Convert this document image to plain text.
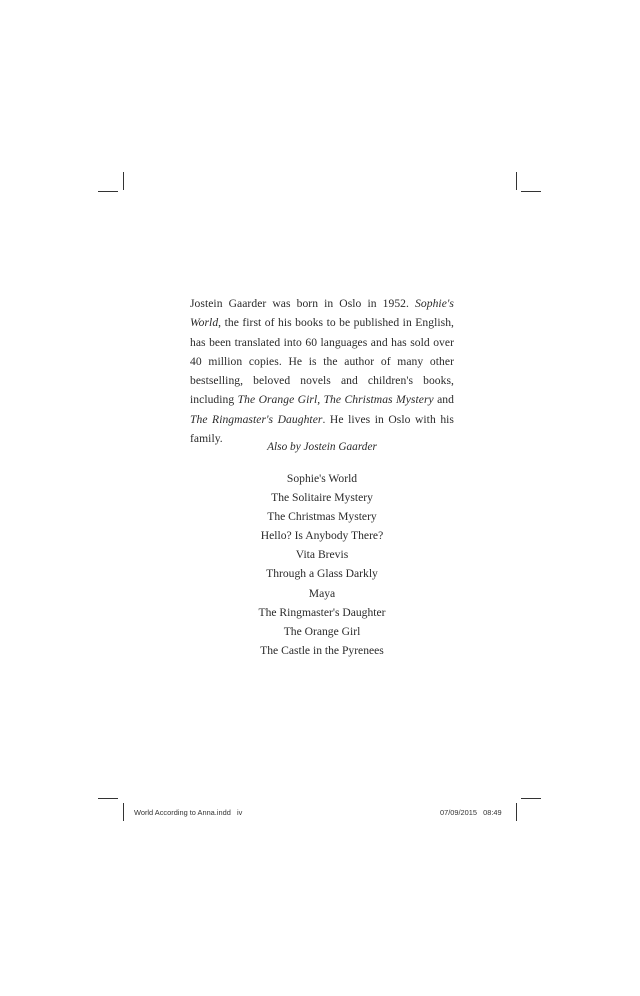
Jostein Gaarder was born in Oslo in 1952. Sophie's World, the first of his books to be published in English, has been translated into 60 languages and has sold over 40 million copies. He is the author of many other bestselling, beloved novels and children's books, including The Orange Girl, The Christmas Mystery and The Ringmaster's Daughter. He lives in Oslo with his family.

Also by Jostein Gaarder

Sophie's World
The Solitaire Mystery
The Christmas Mystery
Hello? Is Anybody There?
Vita Brevis
Through a Glass Darkly
Maya
The Ringmaster's Daughter
The Orange Girl
The Castle in the Pyrenees
World According to Anna.indd   iv	07/09/2015   08:49
